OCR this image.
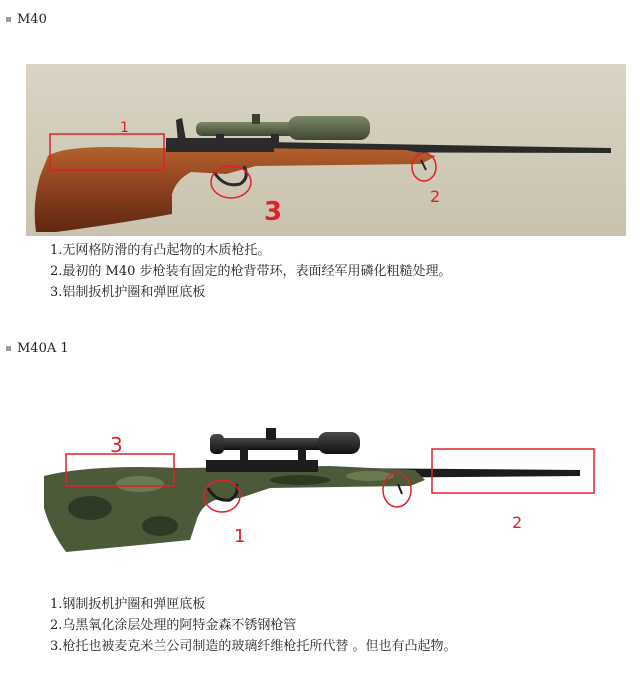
M40
1
2
3
1.无网格防滑的有凸起物的木质枪托。
2.最初的 M40 步枪装有固定的枪背带环，表面经军用磷化粗糙处理。
3.铝制扳机护圈和弹匣底板
M40A 1
3
1
2
1.钢制扳机护圈和弹匣底板
2.乌黑氧化涂层处理的阿特金森不锈钢枪管
3.枪托也被麦克米兰公司制造的玻璃纤维枪托所代替 。但也有凸起物。
